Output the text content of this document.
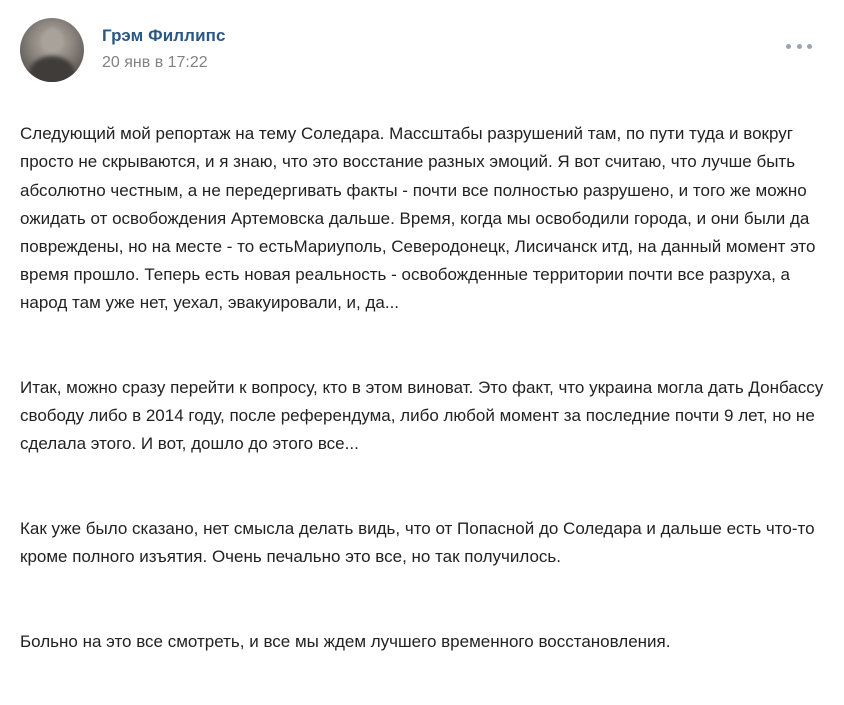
Грэм Филлипс
20 янв в 17:22

Следующий мой репортаж на тему Соледара. Массштабы разрушений там, по пути туда и вокруг просто не скрываются, и я знаю, что это восстание разных эмоций. Я вот считаю, что лучше быть абсолютно честным, а не передергивать факты - почти все полностью разрушено, и того же можно ожидать от освобождения Артемовска дальше. Время, когда мы освободили города, и они были да повреждены, но на месте - то естьМариуполь, Северодонецк, Лисичанск итд, на данный момент это время прошло. Теперь есть новая реальность - освобожденные территории почти все разруха, а народ там уже нет, уехал, эвакуировали, и, да...

Итак, можно сразу перейти к вопросу, кто в этом виноват. Это факт, что украина могла дать Донбассу свободу либо в 2014 году, после референдума, либо любой момент за последние почти 9 лет, но не сделала этого. И вот, дошло до этого все...

Как уже было сказано, нет смысла делать видь, что от Попасной до Соледара и дальше есть что-то кроме полного изъятия. Очень печально это все, но так получилось.

Больно на это все смотреть, и все мы ждем лучшего временного восстановления.
